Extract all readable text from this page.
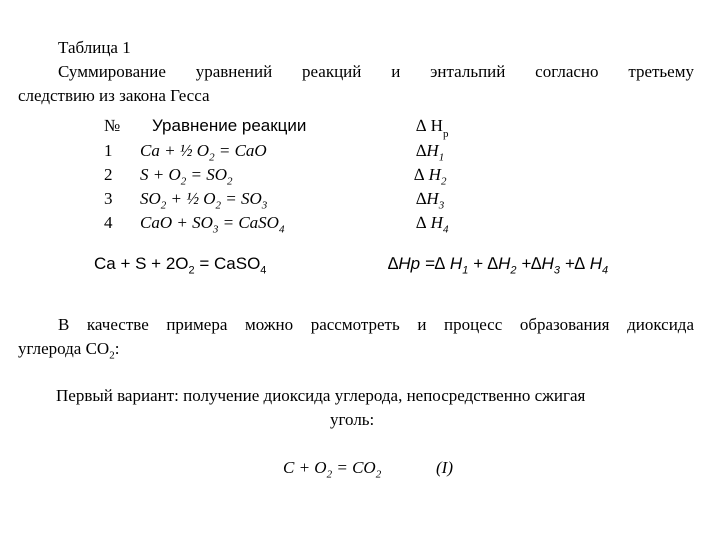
Таблица 1
Суммирование уравнений реакций и энтальпий согласно третьему
следствию из закона Гесса
№ Уравнение реакции	∆ $H_р$
1 Ca + ½ $O_2$ = CaO	$\Delta H_1$
2 $S + O_2 = SO_2$	∆ $H_2$
3 $SO_2$ + ½ $O_2 = SO_3$	$\Delta H_3$
4 CaO + $SO_3$ = CaSO$_4$	∆ $H_4$
$Ca + S + 2O_2$ = CaSO$_4$	∆Hp =∆ $H_1 + \Delta H_2 +\Delta H_3$ +∆ $H_4$
В качестве примера можно рассмотреть и процесс образования диоксида
углерода $CO_2$:
Первый вариант: получение диоксида углерода, непосредственно сжигая
уголь:
$C + O_2 = CO_2$	(I)
